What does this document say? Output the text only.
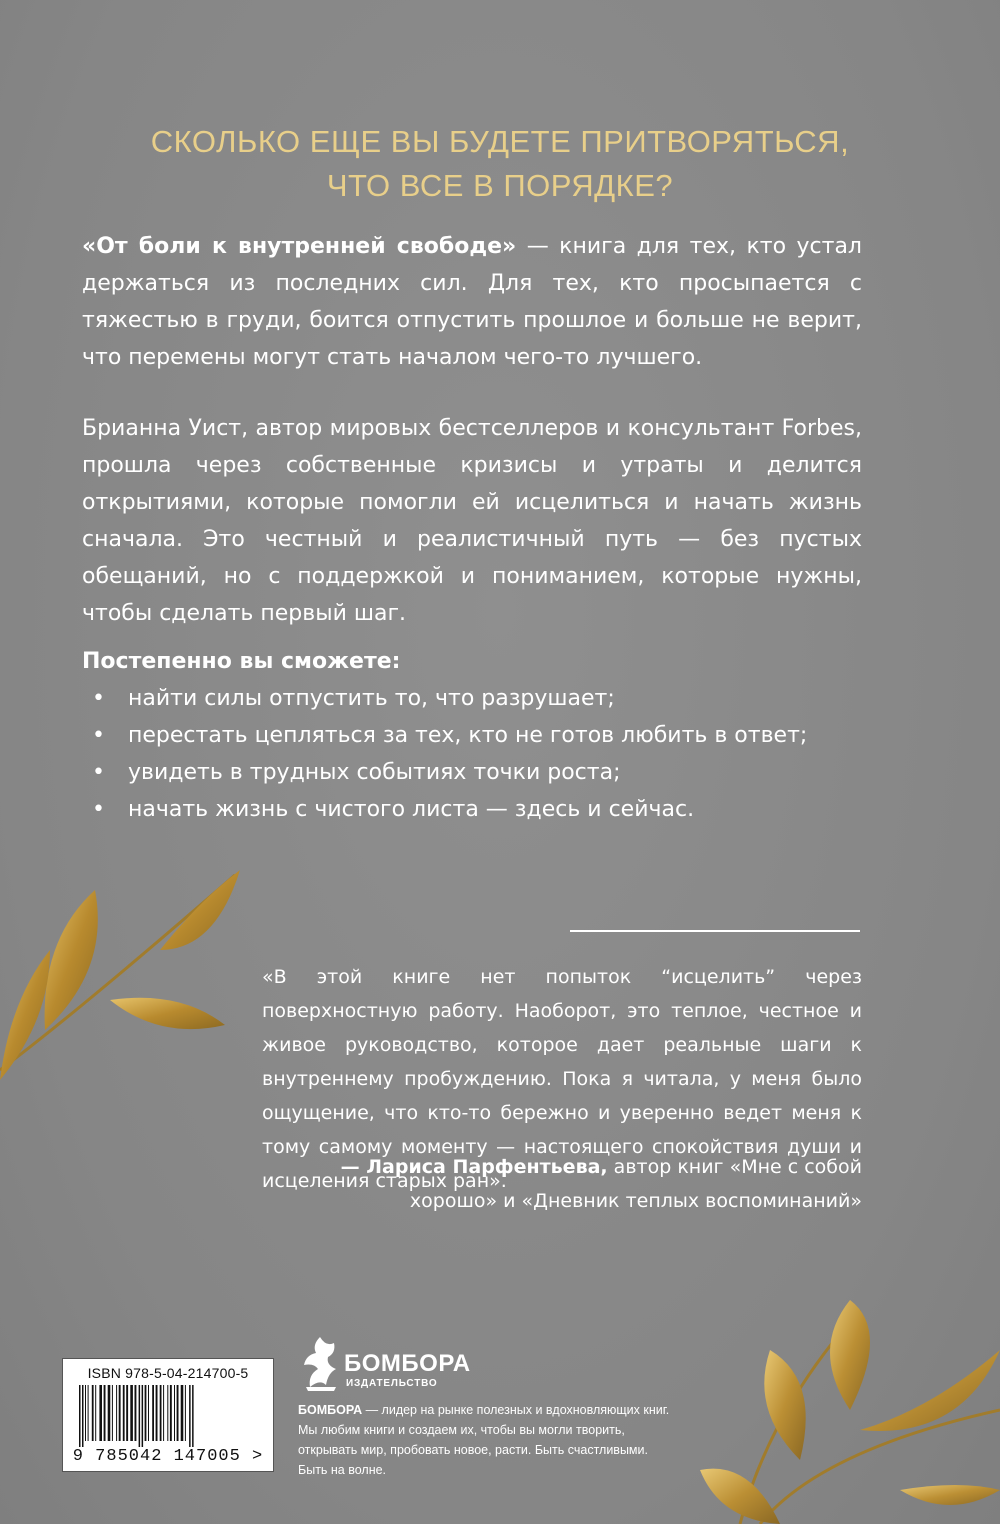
СКОЛЬКО ЕЩЕ ВЫ БУДЕТЕ ПРИТВОРЯТЬСЯ,
ЧТО ВСЕ В ПОРЯДКЕ?
«От боли к внутренней свободе» — книга для тех, кто устал держаться из последних сил. Для тех, кто просыпается с тяжестью в груди, боится отпустить прошлое и больше не верит, что перемены могут стать началом чего-то лучшего.
Брианна Уист, автор мировых бестселлеров и консультант Forbes, прошла через собственные кризисы и утраты и делится открытиями, которые помогли ей исцелиться и начать жизнь сначала. Это честный и реалистичный путь — без пустых обещаний, но с поддержкой и пониманием, которые нужны, чтобы сделать первый шаг.
Постепенно вы сможете:
• найти силы отпустить то, что разрушает;
• перестать цепляться за тех, кто не готов любить в ответ;
• увидеть в трудных событиях точки роста;
• начать жизнь с чистого листа — здесь и сейчас.
«В этой книге нет попыток “исцелить” через поверхностную работу. Наоборот, это теплое, честное и живое руководство, которое дает реальные шаги к внутреннему пробуждению. Пока я читала, у меня было ощущение, что кто-то бережно и уверенно ведет меня к тому самому моменту — настоящего спокойствия души и исцеления старых ран».
— Лариса Парфентьева, автор книг «Мне с собой хорошо» и «Дневник теплых воспоминаний»
ISBN 978-5-04-214700-5
9 785042 147005 >
БОМБОРА
ИЗДАТЕЛЬСТВО
БОМБОРА — лидер на рынке полезных и вдохновляющих книг. Мы любим книги и создаем их, чтобы вы могли творить, открывать мир, пробовать новое, расти. Быть счастливыми. Быть на волне.
